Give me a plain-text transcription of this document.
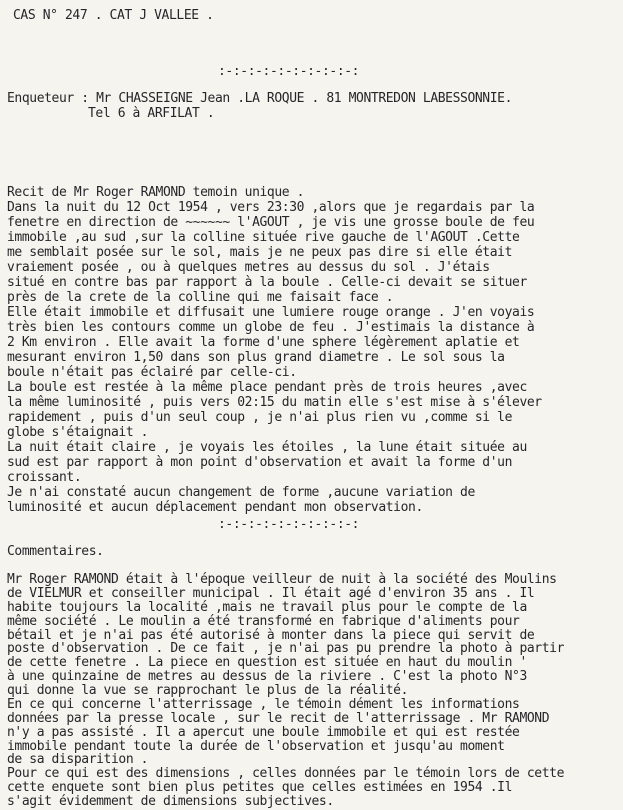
CAS N° 247 . CAT J VALLEE .
:-:-:-:-:-:-:-:-:-:
Enqueteur : Mr CHASSEIGNE Jean .LA ROQUE . 81 MONTREDON LABESSONNIE.
Tel 6 à ARFILAT .
Recit de Mr Roger RAMOND temoin unique .
Dans la nuit du 12 Oct 1954 , vers 23:30 ,alors que je regardais par la
fenetre en direction de ~~~~~~ l'AGOUT , je vis une grosse boule de feu
immobile ,au sud ,sur la colline située rive gauche de l'AGOUT .Cette
me semblait posée sur le sol, mais je ne peux pas dire si elle était
vraiement posée , ou à quelques metres au dessus du sol . J'étais
situé en contre bas par rapport à la boule . Celle-ci devait se situer
près de la crete de la colline qui me faisait face .
Elle était immobile et diffusait une lumiere rouge orange . J'en voyais
très bien les contours comme un globe de feu . J'estimais la distance à
2 Km environ . Elle avait la forme d'une sphere légèrement aplatie et
mesurant environ 1,50 dans son plus grand diametre . Le sol sous la
boule n'était pas éclairé par celle-ci.
La boule est restée à la même place pendant près de trois heures ,avec
la même luminosité , puis vers 02:15 du matin elle s'est mise à s'élever
rapidement , puis d'un seul coup , je n'ai plus rien vu ,comme si le
globe s'étaignait .
La nuit était claire , je voyais les étoiles , la lune était située au
sud est par rapport à mon point d'observation et avait la forme d'un
croissant.
Je n'ai constaté aucun changement de forme ,aucune variation de
luminosité et aucun déplacement pendant mon observation.
:-:-:-:-:-:-:-:-:-:
Commentaires.
Mr Roger RAMOND était à l'époque veilleur de nuit à la société des Moulins
de VIELMUR et conseiller municipal . Il était agé d'environ 35 ans . Il
habite toujours la localité ,mais ne travail plus pour le compte de la
même société . Le moulin a été transformé en fabrique d'aliments pour
bétail et je n'ai pas été autorisé à monter dans la piece qui servit de
poste d'observation . De ce fait , je n'ai pas pu prendre la photo à partir
de cette fenetre . La piece en question est située en haut du moulin '
à une quinzaine de metres au dessus de la riviere . C'est la photo N°3
qui donne la vue se rapprochant le plus de la réalité.
En ce qui concerne l'atterrissage , le témoin dément les informations
données par la presse locale , sur le recit de l'atterrissage . Mr RAMOND
n'y a pas assisté . Il a apercut une boule immobile et qui est restée
immobile pendant toute la durée de l'observation et jusqu'au moment
de sa disparition .
Pour ce qui est des dimensions , celles données par le témoin lors de cette
cette enquete sont bien plus petites que celles estimées en 1954 .Il
s'agit évidemment de dimensions subjectives.
